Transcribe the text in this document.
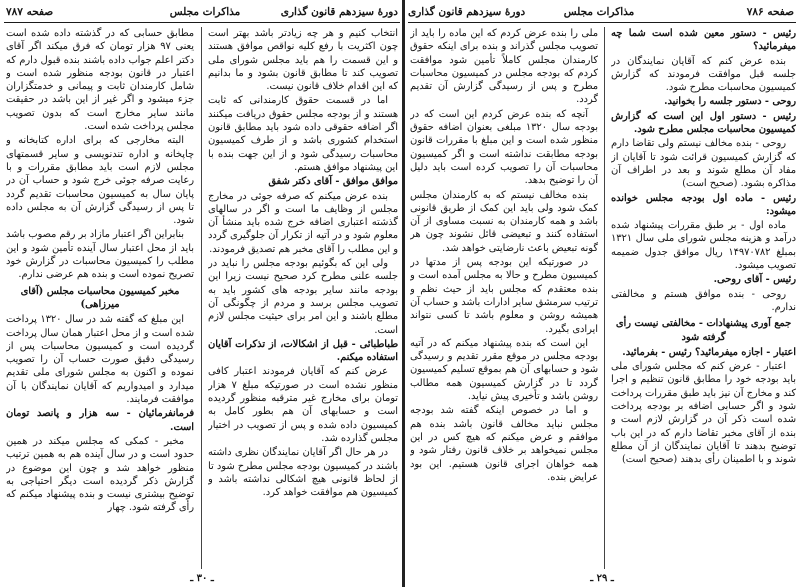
صفحه ۷۸۷	مذاکرات مجلس	دورهٔ سیزدهم قانون گذاری

مطابق حسابی که در گذشته داده شده است یعنی ۹۷ هزار تومان که فرق میکند اگر آقای دکتر اعلم جواب داده باشند بنده قبول دارم که اعتبار در قانون بودجه منظور شده است و شامل کارمندان ثابت و پیمانی و خدمتگزاران جزء میشود و اگر غیر از این باشد در حقیقت مانند سایر مخارج است که بدون تصویب مجلس پرداخت شده است.

البته مخارجی که برای اداره کتابخانه و چاپخانه و اداره تندنویسی و سایر قسمتهای مجلس لازم است باید مطابق مقررات و با رعایت صرفه جوئی خرج شود و حساب آن در پایان سال به کمیسیون محاسبات تقدیم گردد تا پس از رسیدگی گزارش آن به مجلس داده شود.

بنابراین اگر اعتبار مازاد بر رقم مصوب باشد باید از محل اعتبار سال آینده تأمین شود و این مطلب را کمیسیون محاسبات در گزارش خود تصریح نموده است و بنده هم عرضی ندارم.

مخبر کمیسیون محاسبات مجلس (آقای میرزاهی)

این مبلغ که گفته شد در سال ۱۳۲۰ پرداخت شده است و از محل اعتبار همان سال پرداخت گردیده است و کمیسیون محاسبات پس از رسیدگی دقیق صورت حساب آن را تصویب نموده و اکنون به مجلس شورای ملی تقدیم میدارد و امیدواریم که آقایان نمایندگان با آن موافقت فرمایند.

فرمانفرمائیان - سه هزار و پانصد تومان است.

مخبر - کمکی که مجلس میکند در همین حدود است و در سال آینده هم به همین ترتیب منظور خواهد شد و چون این موضوع در گزارش ذکر گردیده است دیگر احتیاجی به توضیح بیشتری نیست و بنده پیشنهاد میکنم که رأی گرفته شود. چهار

انتخاب کنیم و هر چه زیادتر باشد بهتر است چون اکثریت با رفع کلیه نواقص موافق هستند و این قسمت را هم باید مجلس شورای ملی تصویب کند تا مطابق قانون بشود و ما بدانیم که این اقدام خلاف قانون نیست.

اما در قسمت حقوق کارمندانی که ثابت هستند و از بودجه مجلس حقوق دریافت میکنند اگر اضافه حقوقی داده شود باید مطابق قانون استخدام کشوری باشد و از طرف کمیسیون محاسبات رسیدگی شود و از این جهت بنده با این پیشنهاد موافق هستم.

موافق موافق - آقای دکتر شفق

بنده عرض میکنم که صرفه جوئی در مخارج مجلس از وظایف ما است و اگر در سالهای گذشته اعتباری اضافه خرج شده باید منشأ آن معلوم شود و در آتیه از تکرار آن جلوگیری گردد و این مطلب را آقای مخبر هم تصدیق فرمودند.

ولی این که بگوئیم بودجه مجلس را نباید در جلسه علنی مطرح کرد صحیح نیست زیرا این بودجه مانند سایر بودجه های کشور باید به تصویب مجلس برسد و مردم از چگونگی آن مطلع باشند و این امر برای حیثیت مجلس لازم است.

طباطبائی - قبل از اشکالات، از تذکرات آقایان استفاده میکنم.

عرض کنم که آقایان فرمودند اعتبار کافی منظور نشده است در صورتیکه مبلغ ۷ هزار تومان برای مخارج غیر مترقبه منظور گردیده است و حسابهای آن هم بطور کامل به کمیسیون داده شده و پس از تصویب در اختیار مجلس گذارده شد.

در هر حال اگر آقایان نمایندگان نظری داشته باشند در کمیسیون بودجه مجلس مطرح شود تا از لحاظ قانونی هیچ اشکالی نداشته باشد و کمیسیون هم موافقت خواهد کرد.

ـ ۳۰ ـ
دورهٔ سیزدهم قانون گذاری	مذاکرات مجلس	صفحه ۷۸۶

ملی را بنده عرض کردم که این ماده را باید از تصویب مجلس گذراند و بنده برای اینکه حقوق کارمندان مجلس کاملاً تأمین شود موافقت کردم که بودجه مجلس در کمیسیون محاسبات مطرح و پس از رسیدگی گزارش آن تقدیم گردد.

آنچه که بنده عرض کردم این است که در بودجه سال ۱۳۲۰ مبلغی بعنوان اضافه حقوق منظور شده است و این مبلغ با مقررات قانون بودجه مطابقت نداشته است و اگر کمیسیون محاسبات آن را تصویب کرده است باید دلیل آن را توضیح بدهد.

بنده مخالف نیستم که به کارمندان مجلس کمک شود ولی باید این کمک از طریق قانونی باشد و همه کارمندان به نسبت مساوی از آن استفاده کنند و تبعیضی قائل نشوند چون هر گونه تبعیض باعث نارضایتی خواهد شد.

در صورتیکه این بودجه پس از مدتها در کمیسیون مطرح و حالا به مجلس آمده است و بنده معتقدم که مجلس باید از حیث نظم و ترتیب سرمشق سایر ادارات باشد و حساب آن همیشه روشن و معلوم باشد تا کسی نتواند ایرادی بگیرد.

این است که بنده پیشنهاد میکنم که در آتیه بودجه مجلس در موقع مقرر تقدیم و رسیدگی شود و حسابهای آن هم بموقع تسلیم کمیسیون گردد تا در گزارش کمیسیون همه مطالب روشن باشد و تأخیری پیش نیاید.

و اما در خصوص اینکه گفته شد بودجه مجلس نباید مخالف قانون باشد بنده هم موافقم و عرض میکنم که هیچ کس در این مجلس نمیخواهد بر خلاف قانون رفتار شود و همه خواهان اجرای قانون هستیم. این بود عرایض بنده.

رئیس - دستور معین شده است شما چه میفرمائید؟

بنده عرض کنم که آقایان نمایندگان در جلسه قبل موافقت فرمودند که گزارش کمیسیون محاسبات مطرح شود.

روحی - دستور جلسه را بخوانید.

رئیس - دستور اول این است که گزارش کمیسیون محاسبات مجلس مطرح شود.

روحی - بنده مخالف نیستم ولی تقاضا دارم که گزارش کمیسیون قرائت شود تا آقایان از مفاد آن مطلع شوند و بعد در اطراف آن مذاکره بشود. (صحیح است)

رئیس - ماده اول بودجه مجلس خوانده میشود:

ماده اول - بر طبق مقررات پیشنهاد شده درآمد و هزینه مجلس شورای ملی سال ۱۳۲۱ بمبلغ ۱۴۹۷۰۷۸۲ ریال موافق جدول ضمیمه تصویب میشود.

رئیس - آقای روحی.

روحی - بنده موافق هستم و مخالفتی ندارم.

جمع آوری پیشنهادات - مخالفتی نیست رأی گرفته شود

اعتبار - اجازه میفرمائید؟ رئیس - بفرمائید.

اعتبار - عرض کنم که مجلس شورای ملی باید بودجه خود را مطابق قانون تنظیم و اجرا کند و مخارج آن نیز باید طبق مقررات پرداخت شود و اگر حسابی اضافه بر بودجه پرداخت شده است ذکر آن در گزارش لازم است و بنده از آقای مخبر تقاضا دارم که در این باب توضیح بدهند تا آقایان نمایندگان از آن مطلع شوند و با اطمینان رأی بدهند (صحیح است)

ـ ۲۹ ـ
